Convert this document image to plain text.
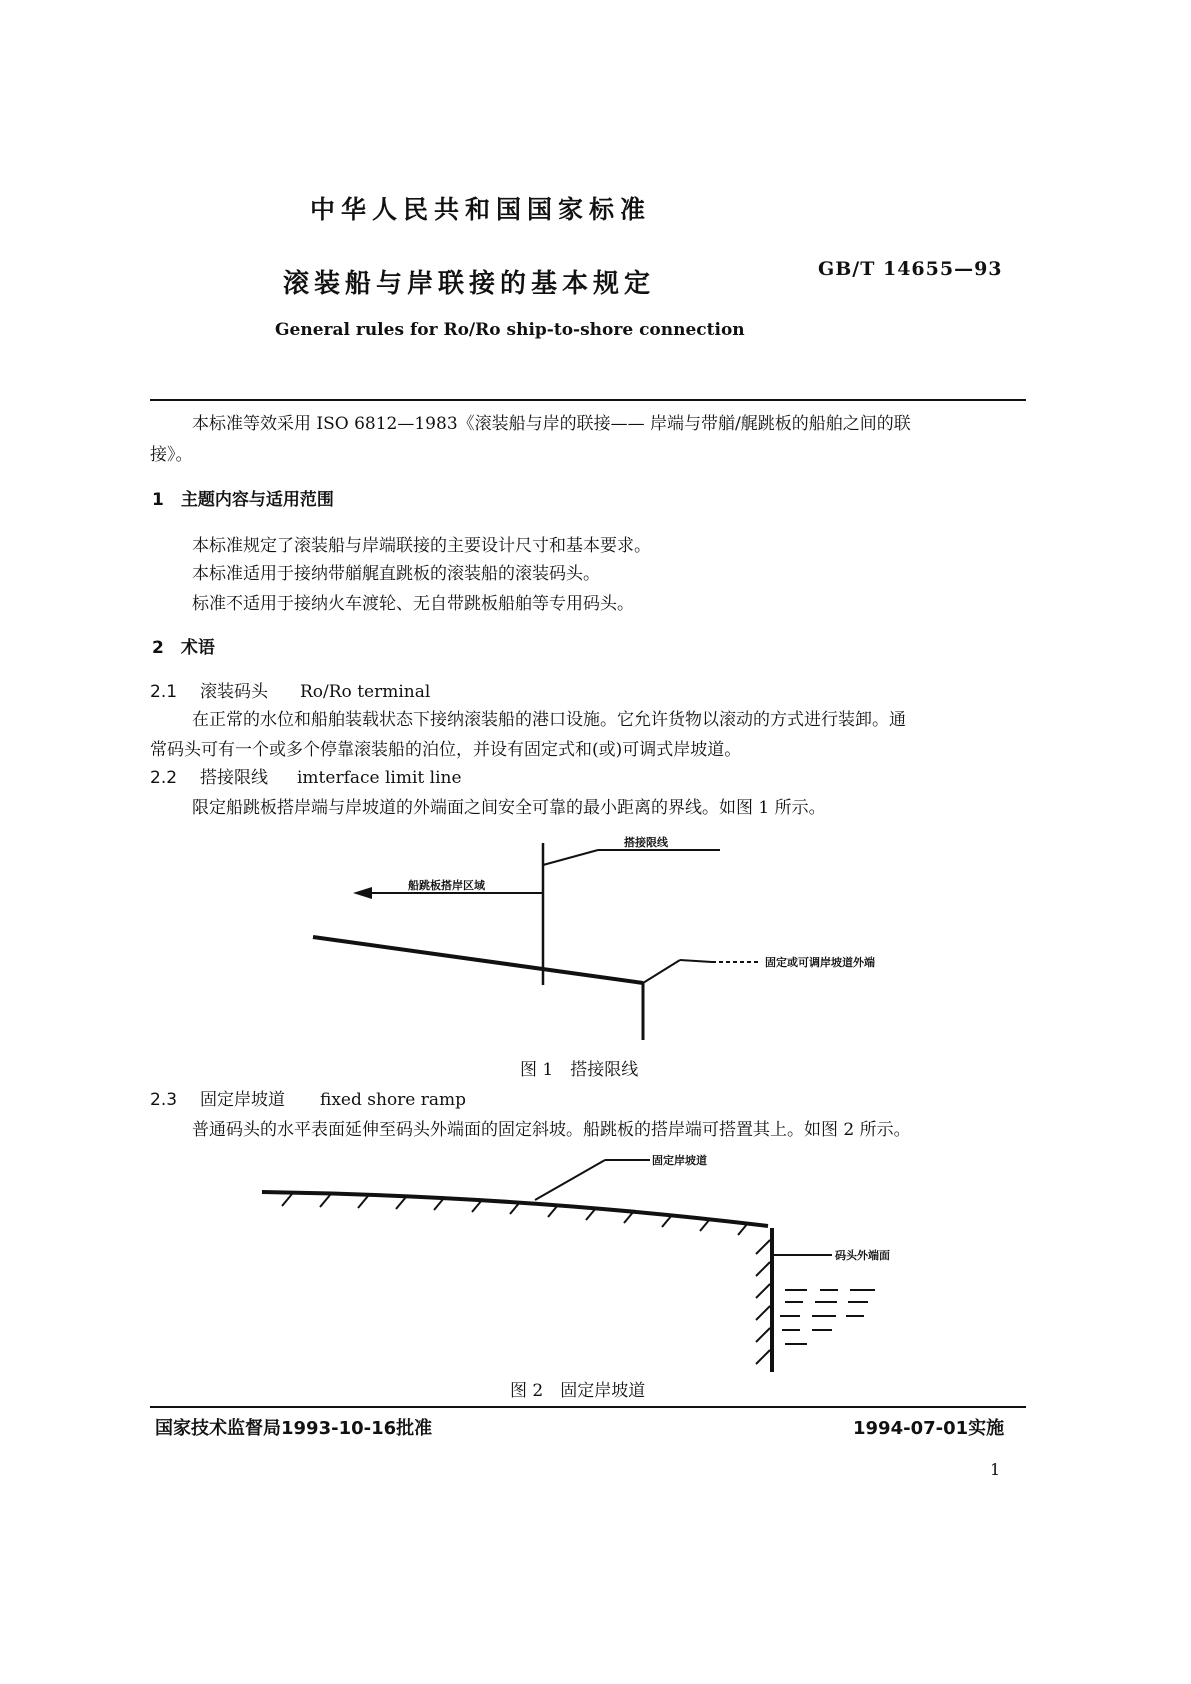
中华人民共和国国家标准
滚装船与岸联接的基本规定	GB/T 14655—93
General rules for Ro/Ro ship-to-shore connection
本标准等效采用 ISO 6812—1983《滚装船与岸的联接—— 岸端与带艏/艉跳板的船舶之间的联
接》。
1　主题内容与适用范围
本标准规定了滚装船与岸端联接的主要设计尺寸和基本要求。
本标准适用于接纳带艏艉直跳板的滚装船的滚装码头。
标准不适用于接纳火车渡轮、无自带跳板船舶等专用码头。
2　术语
2.1 滚装码头 Ro/Ro terminal
在正常的水位和船舶装载状态下接纳滚装船的港口设施。它允许货物以滚动的方式进行装卸。通
常码头可有一个或多个停靠滚装船的泊位，并设有固定式和(或)可调式岸坡道。
2.2 搭接限线 imterface limit line
限定船跳板搭岸端与岸坡道的外端面之间安全可靠的最小距离的界线。如图 1 所示。
搭接限线
船跳板搭岸区域
固定或可调岸坡道外端
图 1　搭接限线
2.3 固定岸坡道 fixed shore ramp
普通码头的水平表面延伸至码头外端面的固定斜坡。船跳板的搭岸端可搭置其上。如图 2 所示。
固定岸坡道
码头外端面
图 2　固定岸坡道
国家技术监督局1993-10-16批准	1994-07-01实施
1
